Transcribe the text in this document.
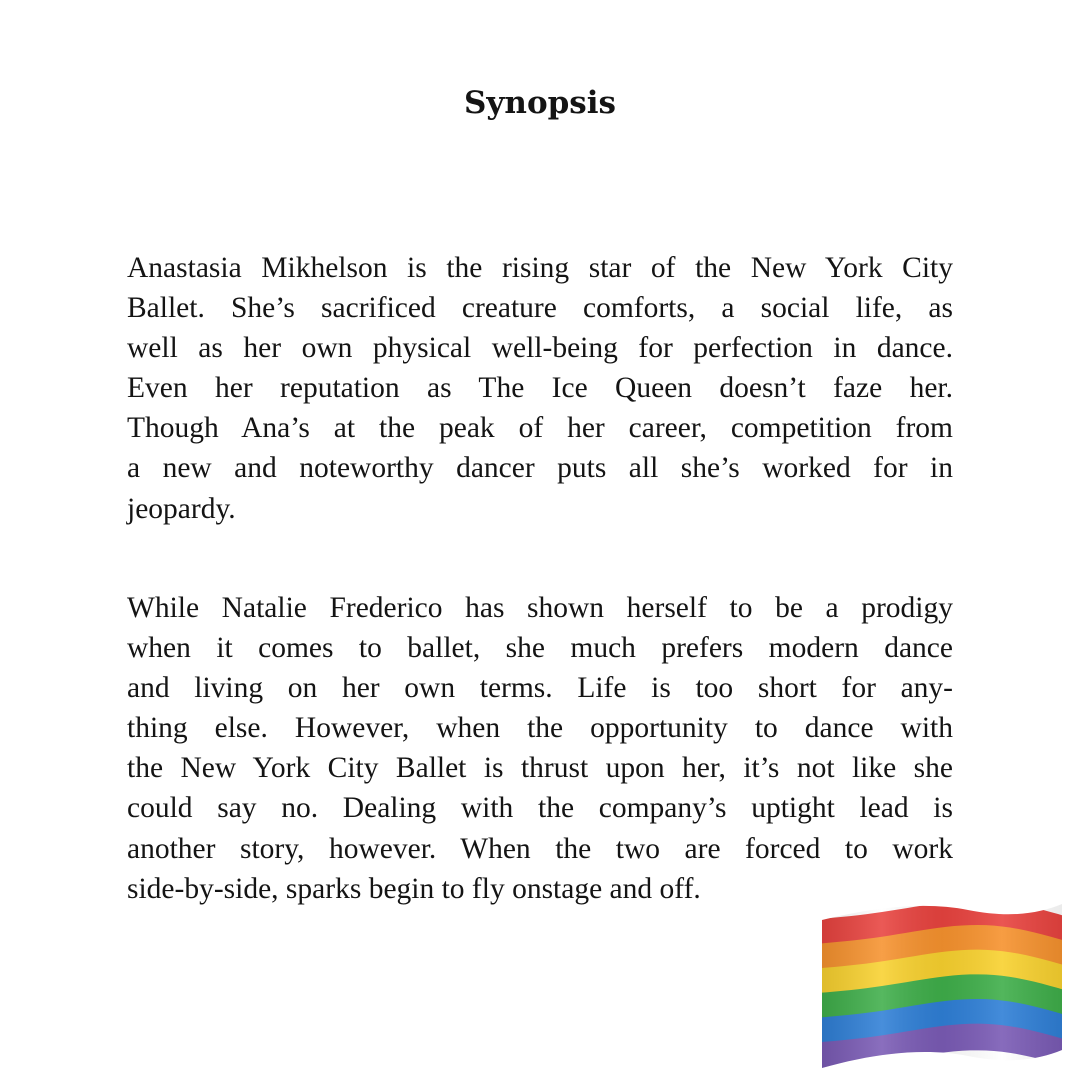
Synopsis

Anastasia Mikhelson is the rising star of the New York City
Ballet. She’s sacrificed creature comforts, a social life, as
well as her own physical well-being for perfection in dance.
Even her reputation as The Ice Queen doesn’t faze her.
Though Ana’s at the peak of her career, competition from
a new and noteworthy dancer puts all she’s worked for in
jeopardy.

While Natalie Frederico has shown herself to be a prodigy
when it comes to ballet, she much prefers modern dance
and living on her own terms. Life is too short for any-
thing else. However, when the opportunity to dance with
the New York City Ballet is thrust upon her, it’s not like she
could say no. Dealing with the company’s uptight lead is
another story, however. When the two are forced to work
side-by-side, sparks begin to fly onstage and off.
